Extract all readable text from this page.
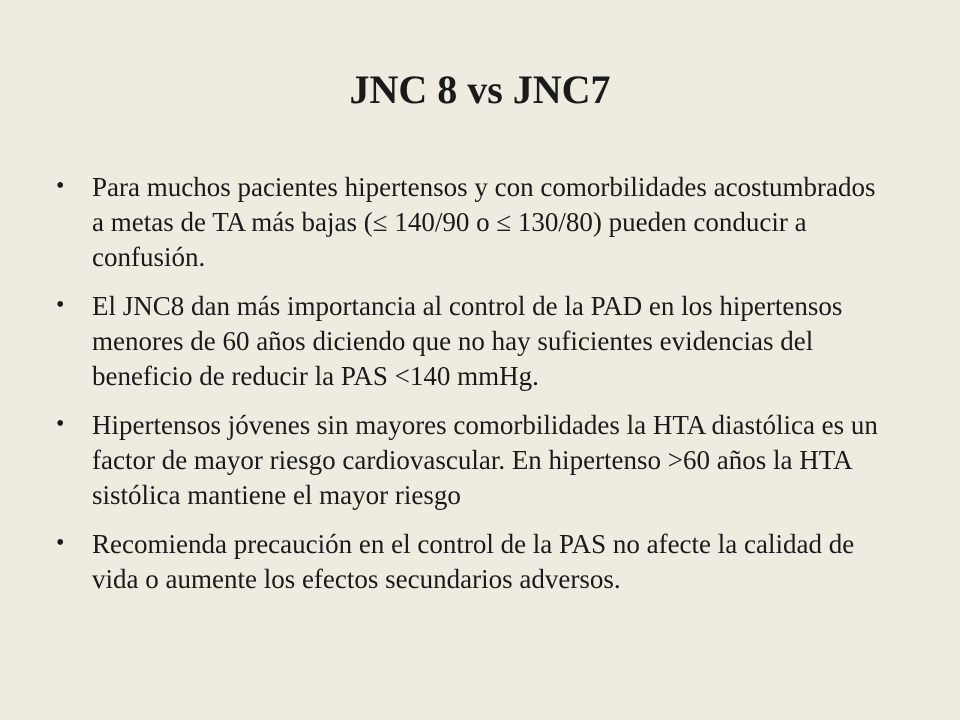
JNC 8 vs JNC7
• Para muchos pacientes hipertensos y con comorbilidades acostumbrados a metas de TA más bajas (≤ 140/90 o ≤ 130/80) pueden conducir a confusión.
• El JNC8 dan más importancia al control de la PAD en los hipertensos menores de 60 años diciendo que no hay suficientes evidencias del beneficio de reducir la PAS <140 mmHg.
• Hipertensos jóvenes sin mayores comorbilidades la HTA diastólica es un factor de mayor riesgo cardiovascular. En hipertenso >60 años la HTA sistólica mantiene el mayor riesgo
• Recomienda precaución en el control de la PAS no afecte la calidad de vida o aumente los efectos secundarios adversos.
